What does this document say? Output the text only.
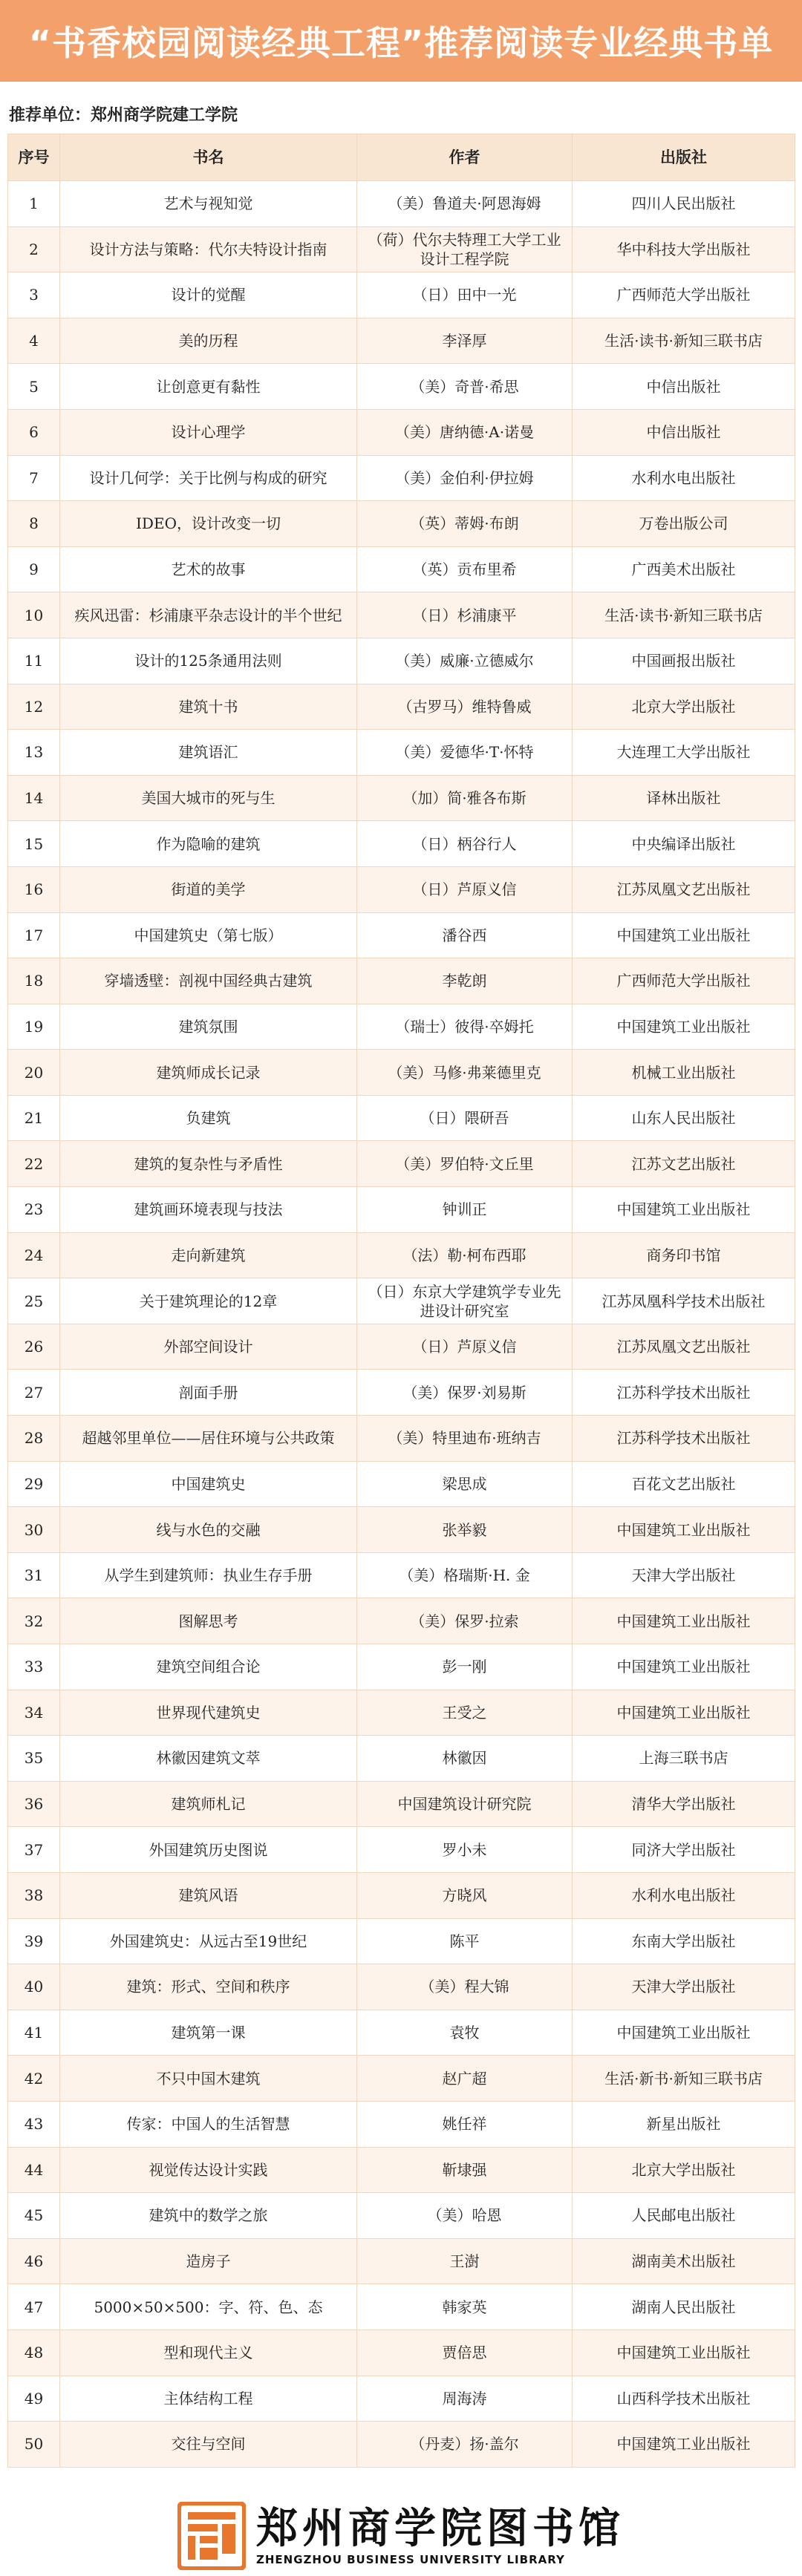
“书香校园阅读经典工程”推荐阅读专业经典书单
推荐单位：郑州商学院建工学院
序号	书名	作者	出版社
1	艺术与视知觉	（美）鲁道夫·阿恩海姆	四川人民出版社
2	设计方法与策略：代尔夫特设计指南	（荷）代尔夫特理工大学工业设计工程学院	华中科技大学出版社
3	设计的觉醒	（日）田中一光	广西师范大学出版社
4	美的历程	李泽厚	生活·读书·新知三联书店
5	让创意更有黏性	（美）奇普·希思	中信出版社
6	设计心理学	（美）唐纳德·A·诺曼	中信出版社
7	设计几何学：关于比例与构成的研究	（美）金伯利·伊拉姆	水利水电出版社
8	IDEO，设计改变一切	（英）蒂姆·布朗	万卷出版公司
9	艺术的故事	（英）贡布里希	广西美术出版社
10	疾风迅雷：杉浦康平杂志设计的半个世纪	（日）杉浦康平	生活·读书·新知三联书店
11	设计的125条通用法则	（美）威廉·立德威尔	中国画报出版社
12	建筑十书	（古罗马）维特鲁威	北京大学出版社
13	建筑语汇	（美）爱德华·T·怀特	大连理工大学出版社
14	美国大城市的死与生	（加）简·雅各布斯	译林出版社
15	作为隐喻的建筑	（日）柄谷行人	中央编译出版社
16	街道的美学	（日）芦原义信	江苏凤凰文艺出版社
17	中国建筑史（第七版）	潘谷西	中国建筑工业出版社
18	穿墙透壁：剖视中国经典古建筑	李乾朗	广西师范大学出版社
19	建筑氛围	（瑞士）彼得·卒姆托	中国建筑工业出版社
20	建筑师成长记录	（美）马修·弗莱德里克	机械工业出版社
21	负建筑	（日）隈研吾	山东人民出版社
22	建筑的复杂性与矛盾性	（美）罗伯特·文丘里	江苏文艺出版社
23	建筑画环境表现与技法	钟训正	中国建筑工业出版社
24	走向新建筑	（法）勒·柯布西耶	商务印书馆
25	关于建筑理论的12章	（日）东京大学建筑学专业先进设计研究室	江苏凤凰科学技术出版社
26	外部空间设计	（日）芦原义信	江苏凤凰文艺出版社
27	剖面手册	（美）保罗·刘易斯	江苏科学技术出版社
28	超越邻里单位——居住环境与公共政策	（美）特里迪布·班纳吉	江苏科学技术出版社
29	中国建筑史	梁思成	百花文艺出版社
30	线与水色的交融	张举毅	中国建筑工业出版社
31	从学生到建筑师：执业生存手册	（美）格瑞斯·H. 金	天津大学出版社
32	图解思考	（美）保罗·拉索	中国建筑工业出版社
33	建筑空间组合论	彭一刚	中国建筑工业出版社
34	世界现代建筑史	王受之	中国建筑工业出版社
35	林徽因建筑文萃	林徽因	上海三联书店
36	建筑师札记	中国建筑设计研究院	清华大学出版社
37	外国建筑历史图说	罗小未	同济大学出版社
38	建筑风语	方晓风	水利水电出版社
39	外国建筑史：从远古至19世纪	陈平	东南大学出版社
40	建筑：形式、空间和秩序	（美）程大锦	天津大学出版社
41	建筑第一课	袁牧	中国建筑工业出版社
42	不只中国木建筑	赵广超	生活·新书·新知三联书店
43	传家：中国人的生活智慧	姚任祥	新星出版社
44	视觉传达设计实践	靳埭强	北京大学出版社
45	建筑中的数学之旅	（美）哈恩	人民邮电出版社
46	造房子	王澍	湖南美术出版社
47	5000×50×500：字、符、色、态	韩家英	湖南人民出版社
48	型和现代主义	贾倍思	中国建筑工业出版社
49	主体结构工程	周海涛	山西科学技术出版社
50	交往与空间	（丹麦）扬·盖尔	中国建筑工业出版社
郑州商学院图书馆
ZHENGZHOU BUSINESS UNIVERSITY LIBRARY
